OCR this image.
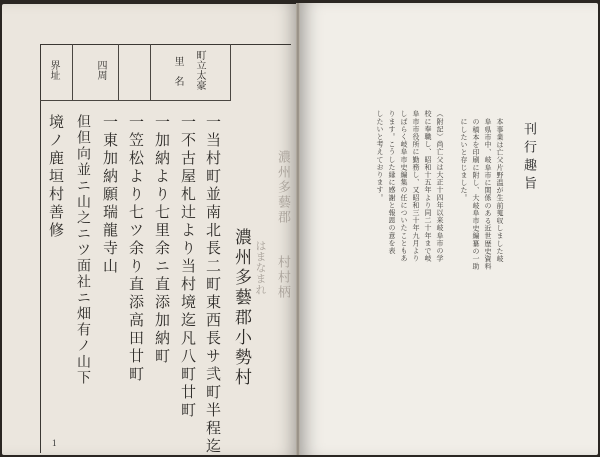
町立太豪
里　名
四周
界址
濃州多藝郡　　村村柄
はまなまれ
濃州多藝郡小勢村
一当村町並南北長二町東西長サ弐町半程迄
一不古屋札辻より当村境迄凡八町廿町
一加納より七里余ニ直添加納町
一笠松より七ツ余り直添高田廿町
一東加納願瑞龍寺山
但但向並ニ山之ニツ面社ニ畑有ノ山下
境ノ鹿垣村善修
1
刊行趣旨
本事業は亡父片野温が生前蒐収しました岐
阜県市中、岐阜市に関係のある近世歴史資料
の稿本を印刷に附し、大岐阜市史編纂の一助
にしたいと存じました。
（附記）尚亡父は大正十四年以来岐阜市の学
校に奉職し、昭和十五年より同二十年まで岐
阜市市役所に勤務し、又昭和三十年九月より
しばらく岐阜市史編集の任についたこともあ
ります。こうした縁に感謝と報恩の意を表
したいと考えております。
